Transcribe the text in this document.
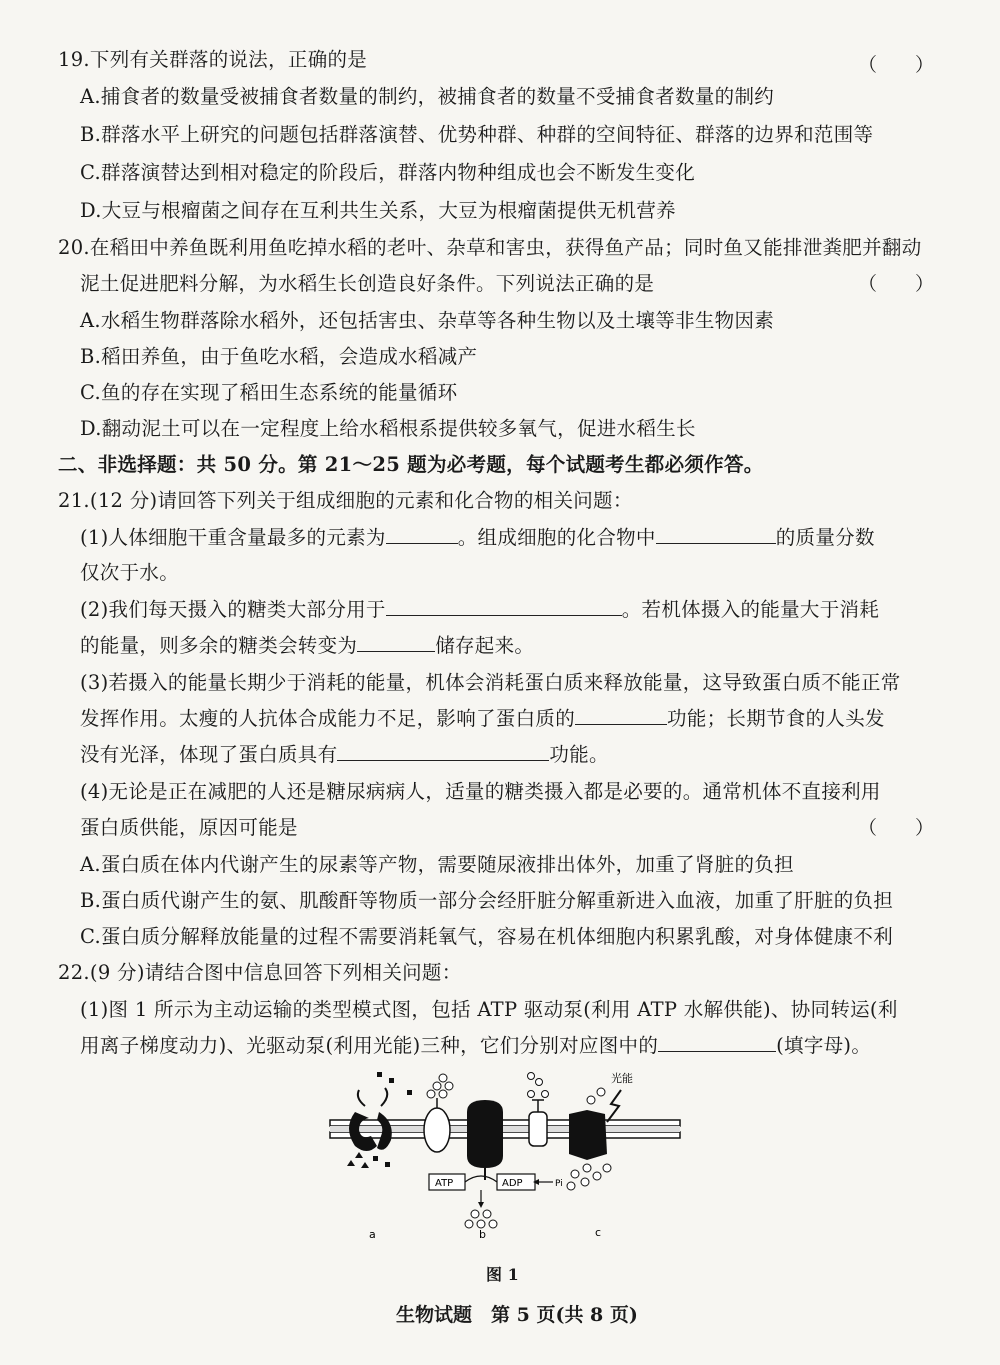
19.下列有关群落的说法，正确的是	（　　）
A.捕食者的数量受被捕食者数量的制约，被捕食者的数量不受捕食者数量的制约
B.群落水平上研究的问题包括群落演替、优势种群、种群的空间特征、群落的边界和范围等
C.群落演替达到相对稳定的阶段后，群落内物种组成也会不断发生变化
D.大豆与根瘤菌之间存在互利共生关系，大豆为根瘤菌提供无机营养
20.在稻田中养鱼既利用鱼吃掉水稻的老叶、杂草和害虫，获得鱼产品；同时鱼又能排泄粪肥并翻动
泥土促进肥料分解，为水稻生长创造良好条件。下列说法正确的是	（　　）
A.水稻生物群落除水稻外，还包括害虫、杂草等各种生物以及土壤等非生物因素
B.稻田养鱼，由于鱼吃水稻，会造成水稻减产
C.鱼的存在实现了稻田生态系统的能量循环
D.翻动泥土可以在一定程度上给水稻根系提供较多氧气，促进水稻生长
二、非选择题：共 50 分。第 21～25 题为必考题，每个试题考生都必须作答。
21.(12 分)请回答下列关于组成细胞的元素和化合物的相关问题：
(1)人体细胞干重含量最多的元素为	。组成细胞的化合物中	的质量分数
仅次于水。
(2)我们每天摄入的糖类大部分用于	。若机体摄入的能量大于消耗
的能量，则多余的糖类会转变为	储存起来。
(3)若摄入的能量长期少于消耗的能量，机体会消耗蛋白质来释放能量，这导致蛋白质不能正常
发挥作用。太瘦的人抗体合成能力不足，影响了蛋白质的	功能；长期节食的人头发
没有光泽，体现了蛋白质具有	功能。
(4)无论是正在减肥的人还是糖尿病病人，适量的糖类摄入都是必要的。通常机体不直接利用
蛋白质供能，原因可能是	（　　）
A.蛋白质在体内代谢产生的尿素等产物，需要随尿液排出体外，加重了肾脏的负担
B.蛋白质代谢产生的氨、肌酸酐等物质一部分会经肝脏分解重新进入血液，加重了肝脏的负担
C.蛋白质分解释放能量的过程不需要消耗氧气，容易在机体细胞内积累乳酸，对身体健康不利
22.(9 分)请结合图中信息回答下列相关问题：
(1)图 1 所示为主动运输的类型模式图，包括 ATP 驱动泵(利用 ATP 水解供能)、协同转运(利
用离子梯度动力)、光驱动泵(利用光能)三种，它们分别对应图中的	(填字母)。
光能
ATP	ADP	Pi
a	b	c
图 1
生物试题　第 5 页(共 8 页)
